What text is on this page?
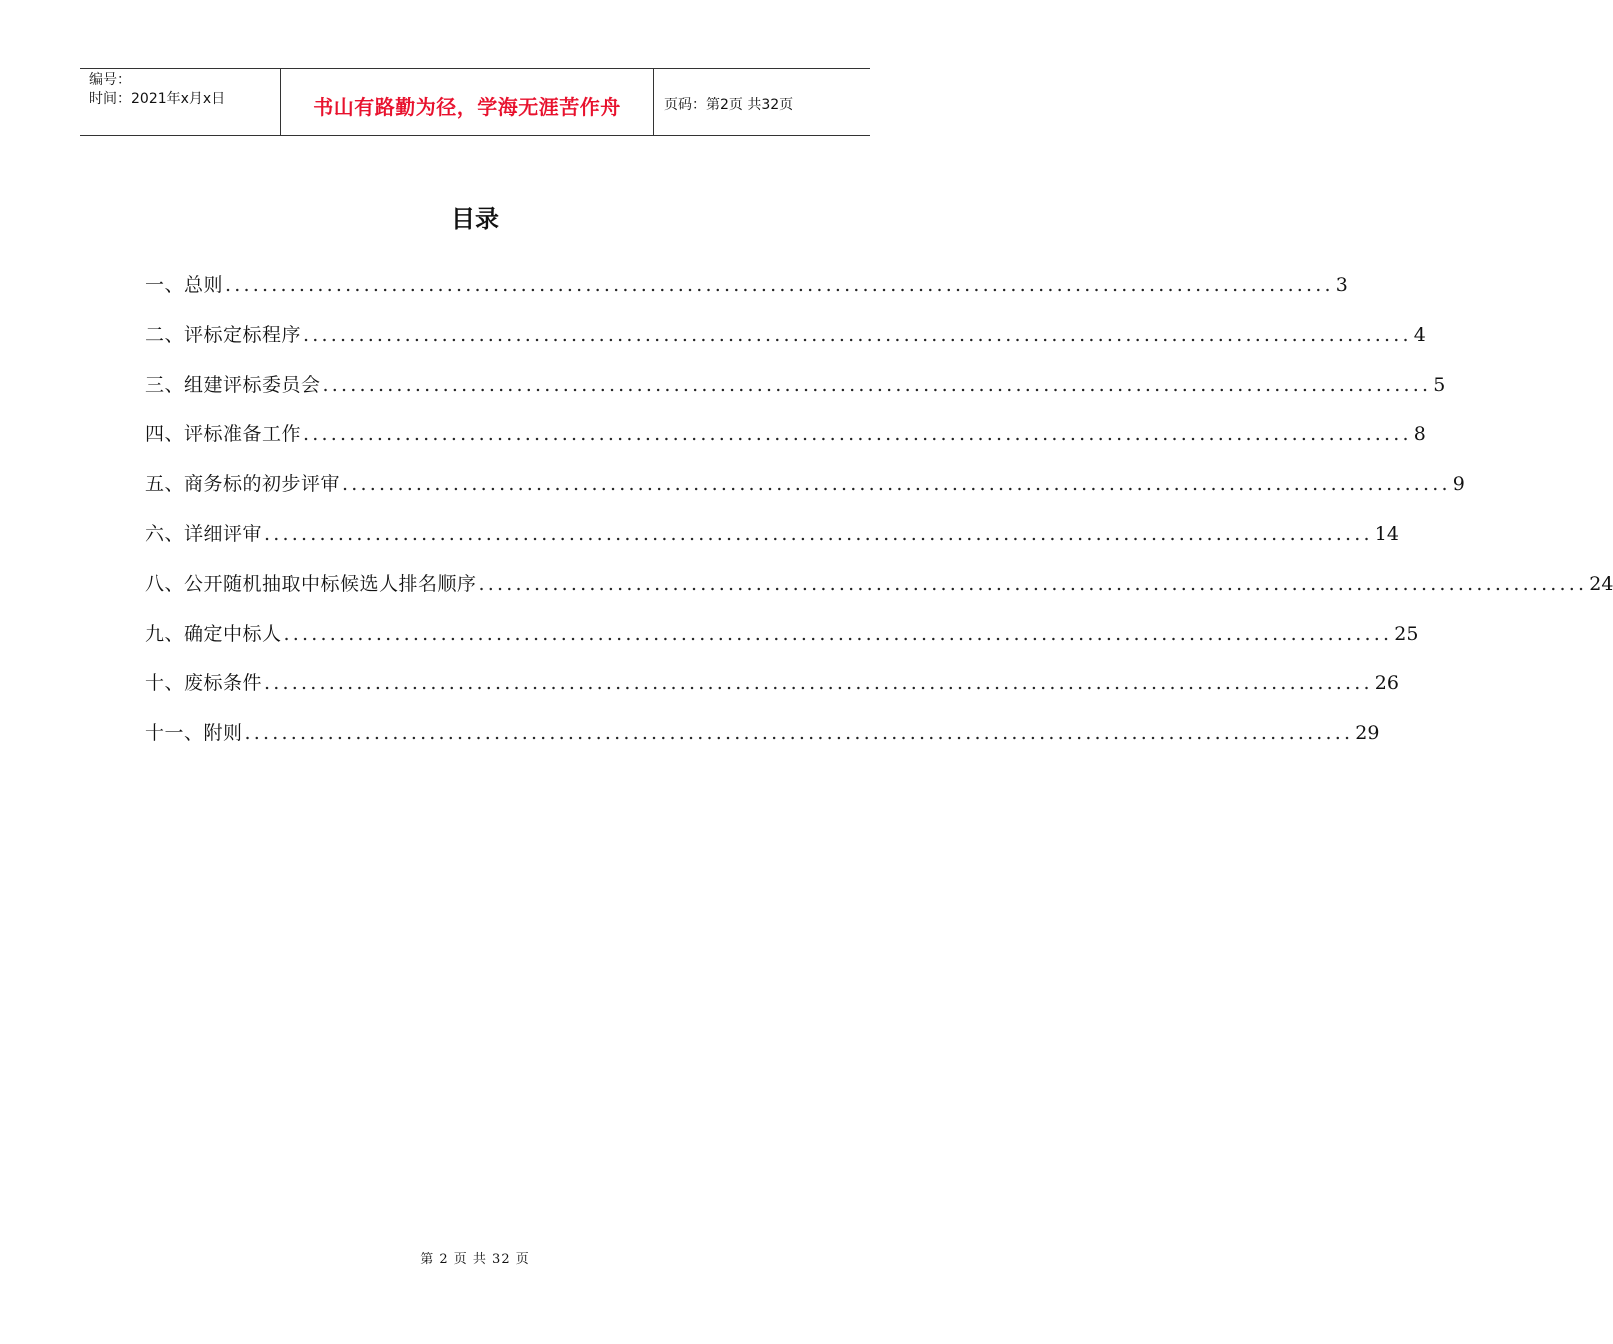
编号：
时间：2021年x月x日	书山有路勤为径，学海无涯苦作舟	页码：第2页 共32页
目录
一、总则 ........................................................................................................................ 3
二、评标定标程序 ........................................................................................................................ 4
三、组建评标委员会 ........................................................................................................................ 5
四、评标准备工作 ........................................................................................................................ 8
五、商务标的初步评审 ........................................................................................................................ 9
六、详细评审 ........................................................................................................................ 14
八、公开随机抽取中标候选人排名顺序 ........................................................................................................................ 24
九、确定中标人 ........................................................................................................................ 25
十、废标条件 ........................................................................................................................ 26
十一、附则 ........................................................................................................................ 29
第 2 页 共 32 页
